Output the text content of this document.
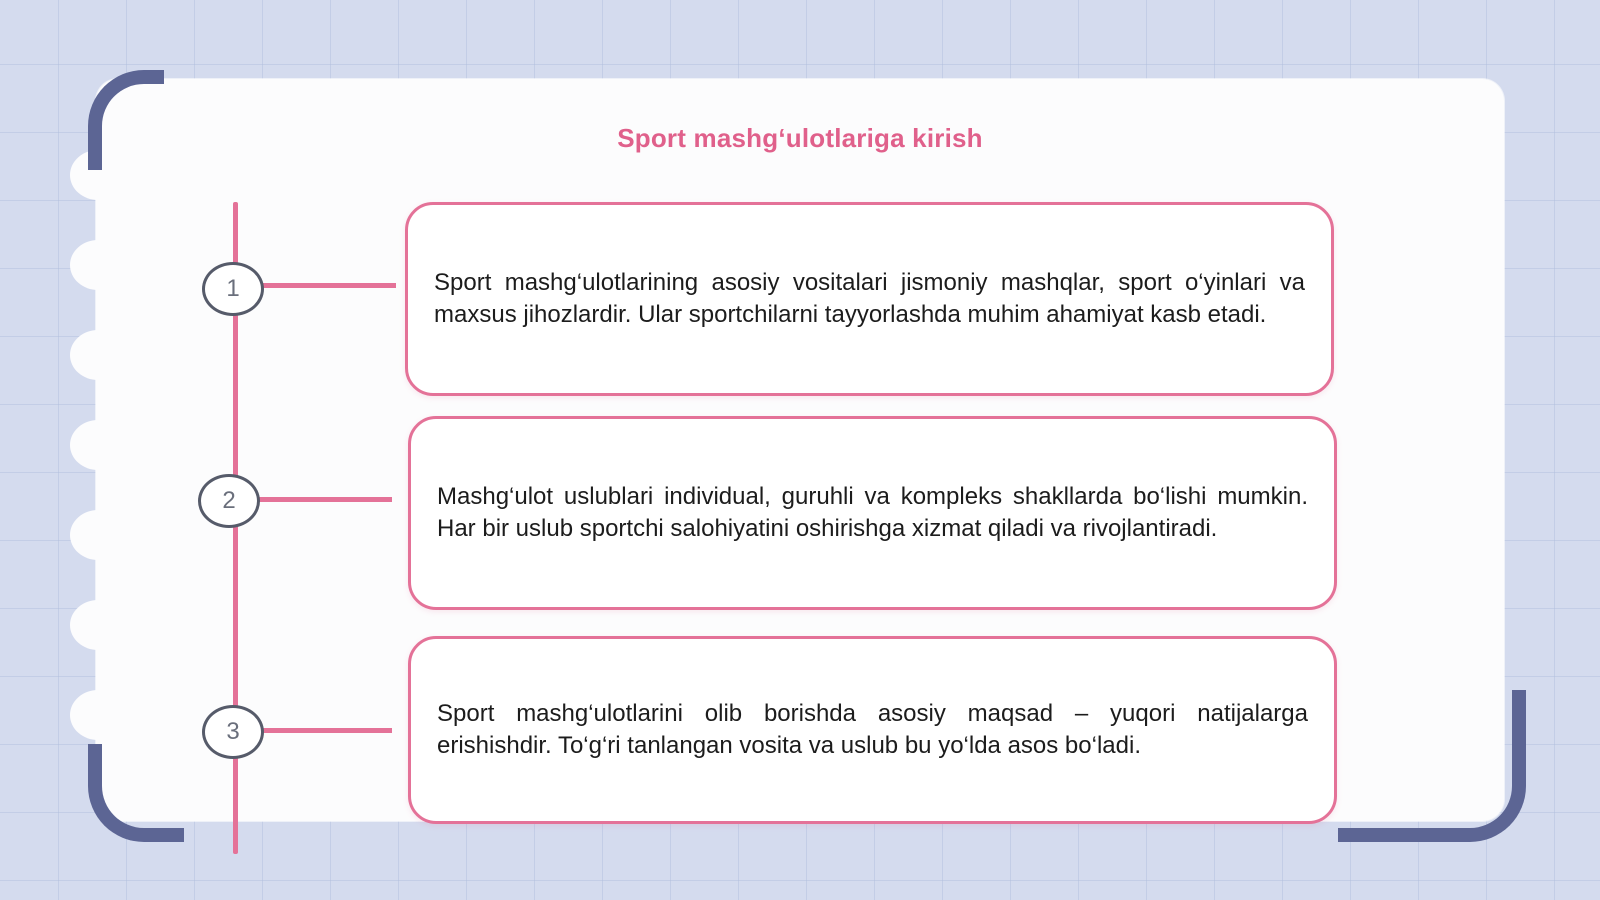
Sport mashg‘ulotlariga kirish
1
2
3

Sport mashg‘ulotlarining asosiy vositalari jismoniy mashqlar, sport o‘yinlari va maxsus jihozlardir. Ular sportchilarni tayyorlashda muhim ahamiyat kasb etadi.

Mashg‘ulot uslublari individual, guruhli va kompleks shakllarda bo‘lishi mumkin. Har bir uslub sportchi salohiyatini oshirishga xizmat qiladi va rivojlantiradi.

Sport mashg‘ulotlarini olib borishda asosiy maqsad – yuqori natijalarga erishishdir. To‘g‘ri tanlangan vosita va uslub bu yo‘lda asos bo‘ladi.
